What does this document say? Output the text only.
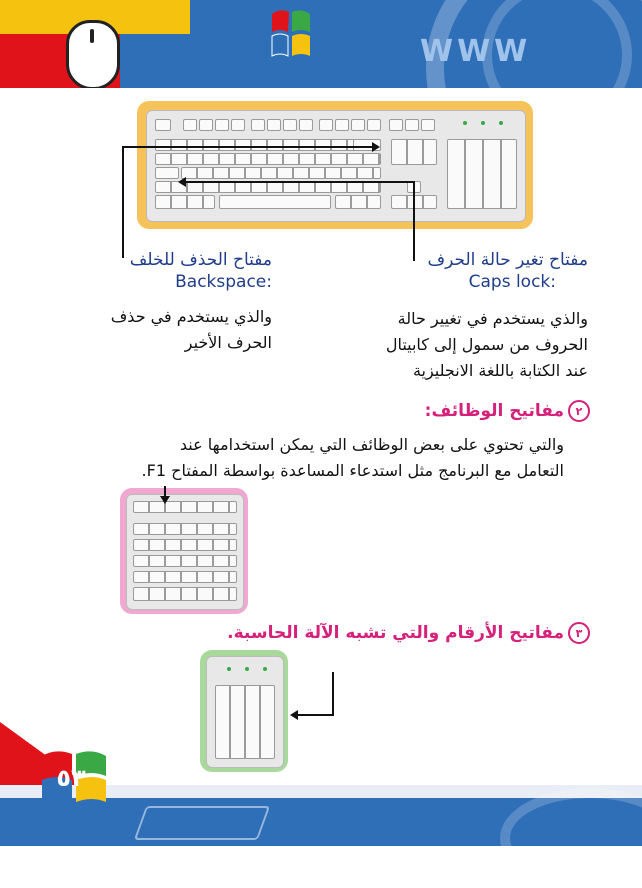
WWW
مفتاح الحذف للخلف
Backspace:
والذي يستخدم في حذف
الحرف الأخير
مفتاح تغير حالة الحرف
Caps lock:
والذي يستخدم في تغيير حالة
الحروف من سمول إلى كابيتال
عند الكتابة باللغة الانجليزية
٢مفاتيح الوظائف:
والتي تحتوي على بعض الوظائف التي يمكن استخدامها عند
التعامل مع البرنامج مثل استدعاء المساعدة بواسطة المفتاح F1.
٣مفاتيح الأرقام والتي تشبه الآلة الحاسبة.
٥٣
